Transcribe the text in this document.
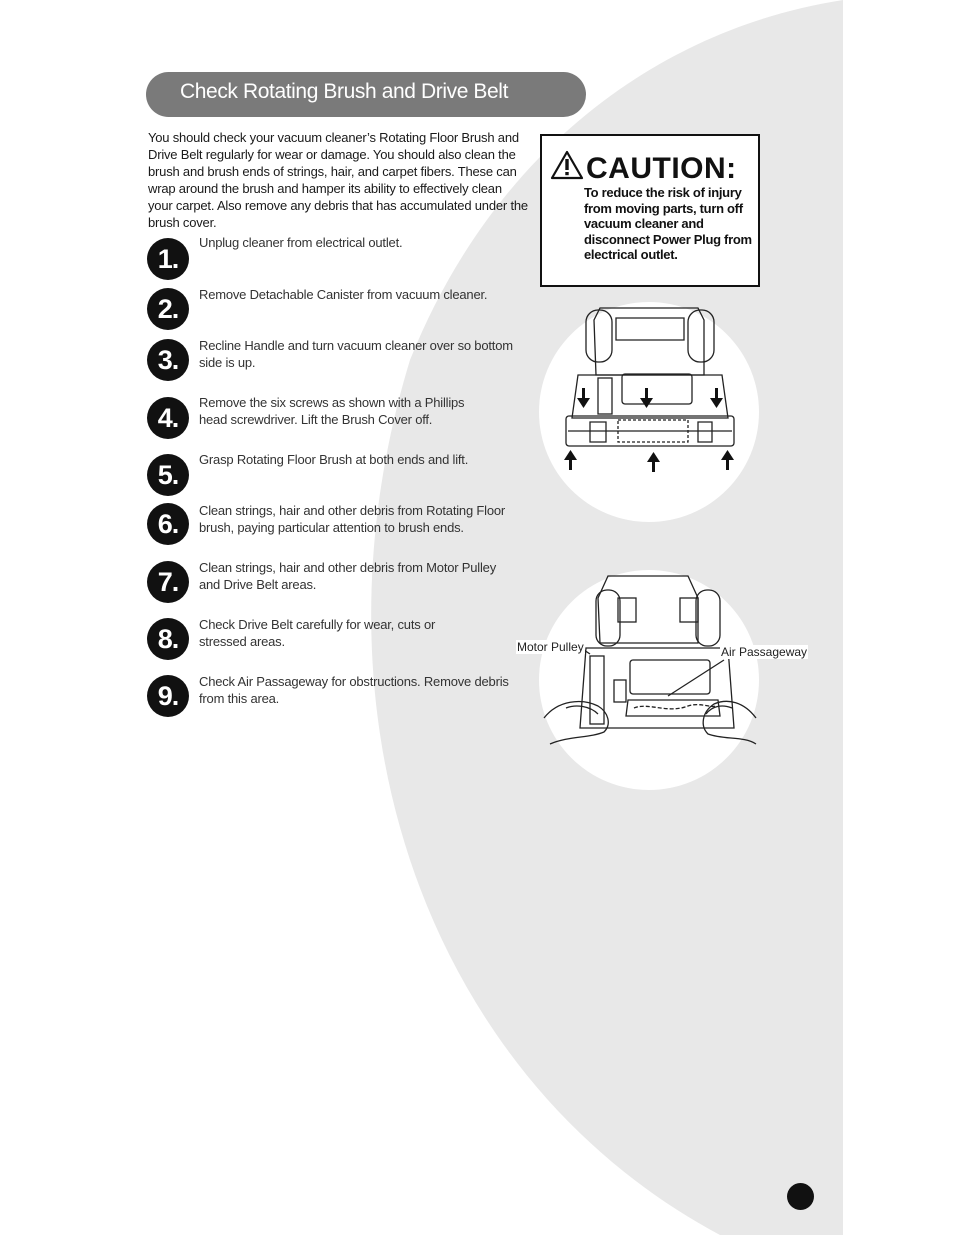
Check Rotating Brush and Drive Belt
You should check your vacuum cleaner’s Rotating Floor Brush and Drive Belt regularly for wear or damage. You should also clean the brush and brush ends of strings, hair, and carpet fibers. These can wrap around the brush and hamper its ability to effectively clean your carpet. Also remove any debris that has accumulated under the brush cover.
1.
Unplug cleaner from electrical outlet.
2.	Remove Detachable Canister from vacuum cleaner.
3.	Recline Handle and turn vacuum cleaner over so bottom side is up.
4.
Remove the six screws as shown with a Phillips head screwdriver. Lift the Brush Cover off.
5.
Grasp Rotating Floor Brush at both ends and lift.
6.	Clean strings, hair and other debris from Rotating Floor brush, paying particular attention to brush ends.
7.	Clean strings, hair and other debris from Motor Pulley and Drive Belt areas.
8.	Check Drive Belt carefully for wear, cuts or stressed areas.
9.	Check Air Passageway for obstructions. Remove debris from this area.
CAUTION:
To reduce the risk of injury from moving parts, turn off vacuum cleaner and disconnect Power Plug from electrical outlet.
Motor Pulley	Air Passageway
